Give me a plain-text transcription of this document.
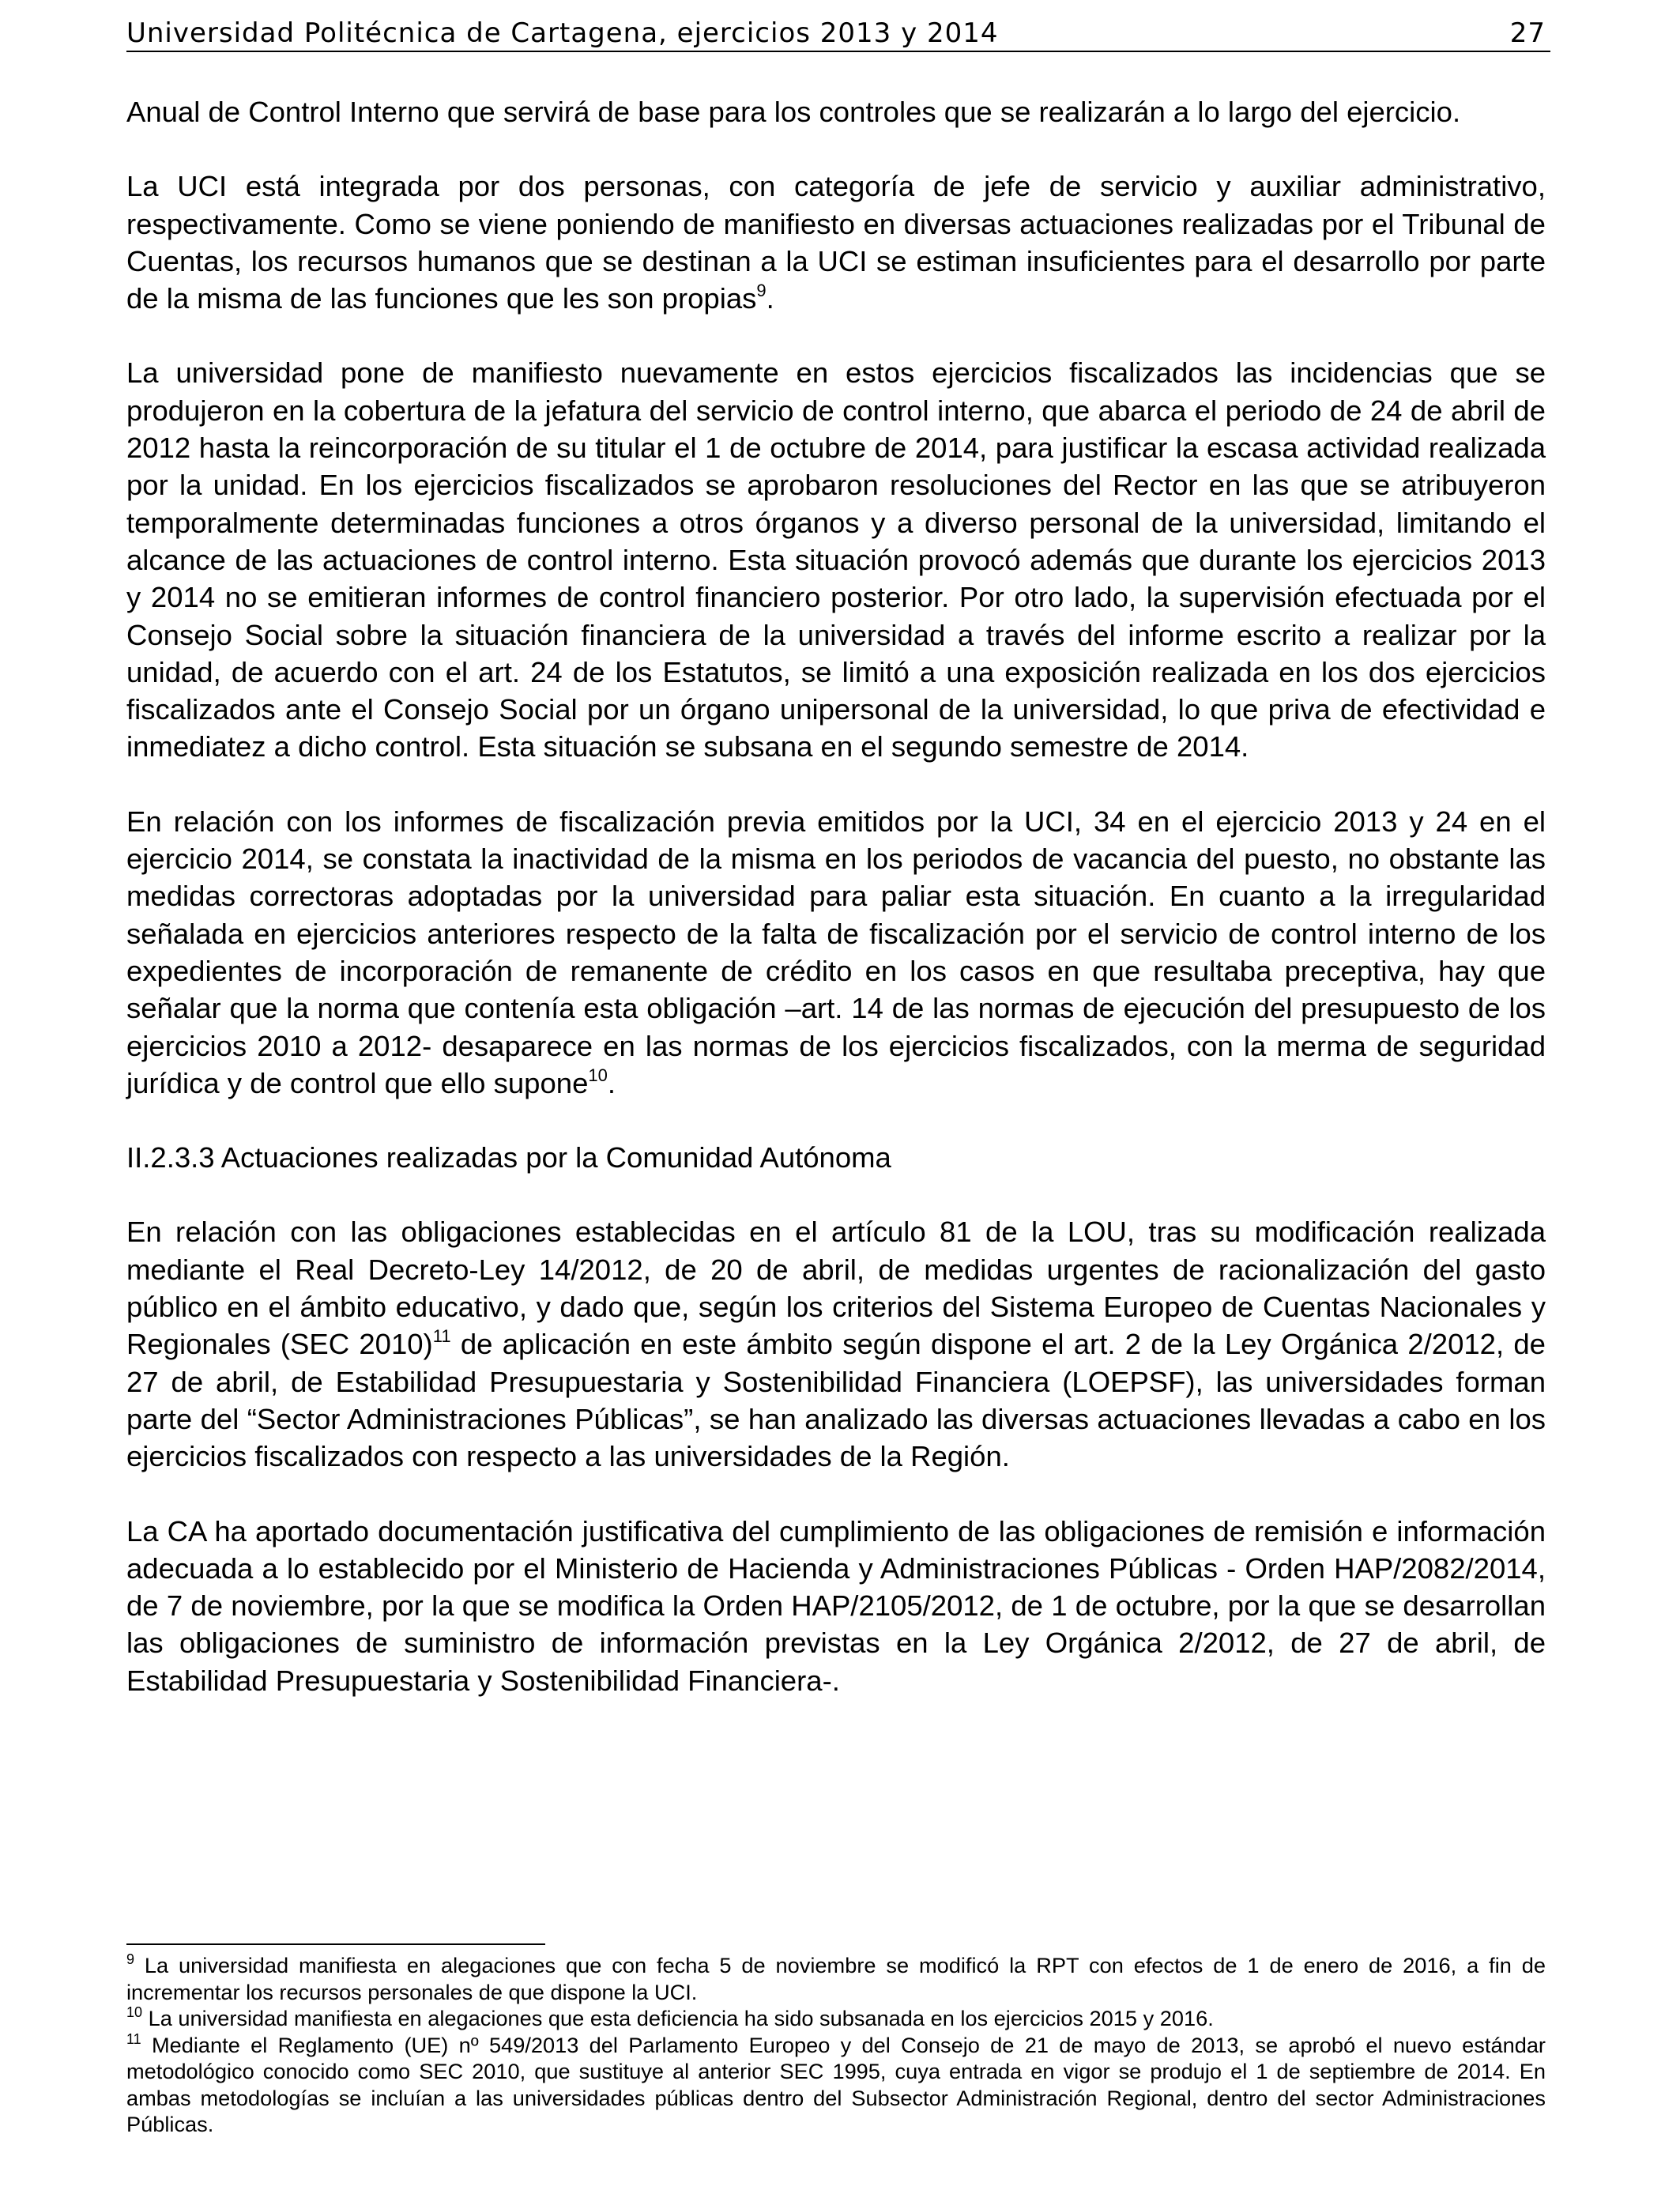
Universidad Politécnica de Cartagena, ejercicios 2013 y 2014	27

Anual de Control Interno que servirá de base para los controles que se realizarán a lo largo del ejercicio.

La UCI está integrada por dos personas, con categoría de jefe de servicio y auxiliar administrativo, respectivamente. Como se viene poniendo de manifiesto en diversas actuaciones realizadas por el Tribunal de Cuentas, los recursos humanos que se destinan a la UCI se estiman insuficientes para el desarrollo por parte de la misma de las funciones que les son propias$^9$.

La universidad pone de manifiesto nuevamente en estos ejercicios fiscalizados las incidencias que se produjeron en la cobertura de la jefatura del servicio de control interno, que abarca el periodo de 24 de abril de 2012 hasta la reincorporación de su titular el 1 de octubre de 2014, para justificar la escasa actividad realizada por la unidad. En los ejercicios fiscalizados se aprobaron resoluciones del Rector en las que se atribuyeron temporalmente determinadas funciones a otros órganos y a diverso personal de la universidad, limitando el alcance de las actuaciones de control interno. Esta situación provocó además que durante los ejercicios 2013 y 2014 no se emitieran informes de control financiero posterior. Por otro lado, la supervisión efectuada por el Consejo Social sobre la situación financiera de la universidad a través del informe escrito a realizar por la unidad, de acuerdo con el art. 24 de los Estatutos, se limitó a una exposición realizada en los dos ejercicios fiscalizados ante el Consejo Social por un órgano unipersonal de la universidad, lo que priva de efectividad e inmediatez a dicho control. Esta situación se subsana en el segundo semestre de 2014.

En relación con los informes de fiscalización previa emitidos por la UCI, 34 en el ejercicio 2013 y 24 en el ejercicio 2014, se constata la inactividad de la misma en los periodos de vacancia del puesto, no obstante las medidas correctoras adoptadas por la universidad para paliar esta situación. En cuanto a la irregularidad señalada en ejercicios anteriores respecto de la falta de fiscalización por el servicio de control interno de los expedientes de incorporación de remanente de crédito en los casos en que resultaba preceptiva, hay que señalar que la norma que contenía esta obligación –art. 14 de las normas de ejecución del presupuesto de los ejercicios 2010 a 2012- desaparece en las normas de los ejercicios fiscalizados, con la merma de seguridad jurídica y de control que ello supone$^{10}$.

II.2.3.3 Actuaciones realizadas por la Comunidad Autónoma

En relación con las obligaciones establecidas en el artículo 81 de la LOU, tras su modificación realizada mediante el Real Decreto-Ley 14/2012, de 20 de abril, de medidas urgentes de racionalización del gasto público en el ámbito educativo, y dado que, según los criterios del Sistema Europeo de Cuentas Nacionales y Regionales (SEC 2010)$^{11}$ de aplicación en este ámbito según dispone el art. 2 de la Ley Orgánica 2/2012, de 27 de abril, de Estabilidad Presupuestaria y Sostenibilidad Financiera (LOEPSF), las universidades forman parte del “Sector Administraciones Públicas”, se han analizado las diversas actuaciones llevadas a cabo en los ejercicios fiscalizados con respecto a las universidades de la Región.

La CA ha aportado documentación justificativa del cumplimiento de las obligaciones de remisión e información adecuada a lo establecido por el Ministerio de Hacienda y Administraciones Públicas - Orden HAP/2082/2014, de 7 de noviembre, por la que se modifica la Orden HAP/2105/2012, de 1 de octubre, por la que se desarrollan las obligaciones de suministro de información previstas en la Ley Orgánica 2/2012, de 27 de abril, de Estabilidad Presupuestaria y Sostenibilidad Financiera-.

$^9$ La universidad manifiesta en alegaciones que con fecha 5 de noviembre se modificó la RPT con efectos de 1 de enero de 2016, a fin de incrementar los recursos personales de que dispone la UCI.

$^{10}$ La universidad manifiesta en alegaciones que esta deficiencia ha sido subsanada en los ejercicios 2015 y 2016.

$^{11}$ Mediante el Reglamento (UE) nº 549/2013 del Parlamento Europeo y del Consejo de 21 de mayo de 2013, se aprobó el nuevo estándar metodológico conocido como SEC 2010, que sustituye al anterior SEC 1995, cuya entrada en vigor se produjo el 1 de septiembre de 2014. En ambas metodologías se incluían a las universidades públicas dentro del Subsector Administración Regional, dentro del sector Administraciones Públicas.
